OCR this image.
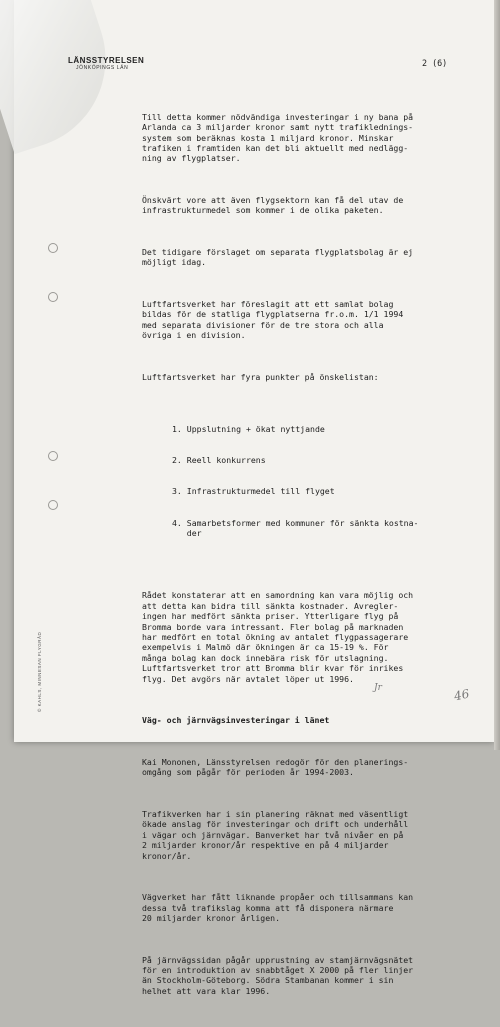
LÄNSSTYRELSEN
JÖNKÖPINGS LÄN	2 (6)

Till detta kommer nödvändiga investeringar i ny bana på
Arlanda ca 3 miljarder kronor samt nytt trafiklednings-
system som beräknas kosta 1 miljard kronor. Minskar
trafiken i framtiden kan det bli aktuellt med nedlägg-
ning av flygplatser.

Önskvärt vore att även flygsektorn kan få del utav de
infrastrukturmedel som kommer i de olika paketen.

Det tidigare förslaget om separata flygplatsbolag är ej
möjligt idag.

Luftfartsverket har föreslagit att ett samlat bolag
bildas för de statliga flygplatserna fr.o.m. 1/1 1994
med separata divisioner för de tre stora och alla
övriga i en division.

Luftfartsverket har fyra punkter på önskelistan:

1. Uppslutning + ökat nyttjande

2. Reell konkurrens

3. Infrastrukturmedel till flyget

4. Samarbetsformer med kommuner för sänkta kostna-
der

Rådet konstaterar att en samordning kan vara möjlig och
att detta kan bidra till sänkta kostnader. Avregler-
ingen har medfört sänkta priser. Ytterligare flyg på
Bromma borde vara intressant. Fler bolag på marknaden
har medfört en total ökning av antalet flygpassagerare
exempelvis i Malmö där ökningen är ca 15-19 %. För
många bolag kan dock innebära risk för utslagning.
Luftfartsverket tror att Bromma blir kvar för inrikes
flyg. Det avgörs när avtalet löper ut 1996.

Väg- och järnvägsinvesteringar i länet

Kai Mononen, Länsstyrelsen redogör för den planerings-
omgång som pågår för perioden år 1994-2003.

Trafikverken har i sin planering räknat med väsentligt
ökade anslag för investeringar och drift och underhåll
i vägar och järnvägar. Banverket har två nivåer en på
2 miljarder kronor/år respektive en på 4 miljarder
kronor/år.

Vägverket har fått liknande propåer och tillsammans kan
dessa två trafikslag komma att få disponera närmare
20 miljarder kronor årligen.

På järnvägssidan pågår upprustning av stamjärnvägsnätet
för en introduktion av snabbtåget X 2000 på fler linjer
än Stockholm-Göteborg. Södra Stambanan kommer i sin
helhet att vara klar 1996.

© KAHLS, MINNESAN FLYGRÅD	Jr	46
